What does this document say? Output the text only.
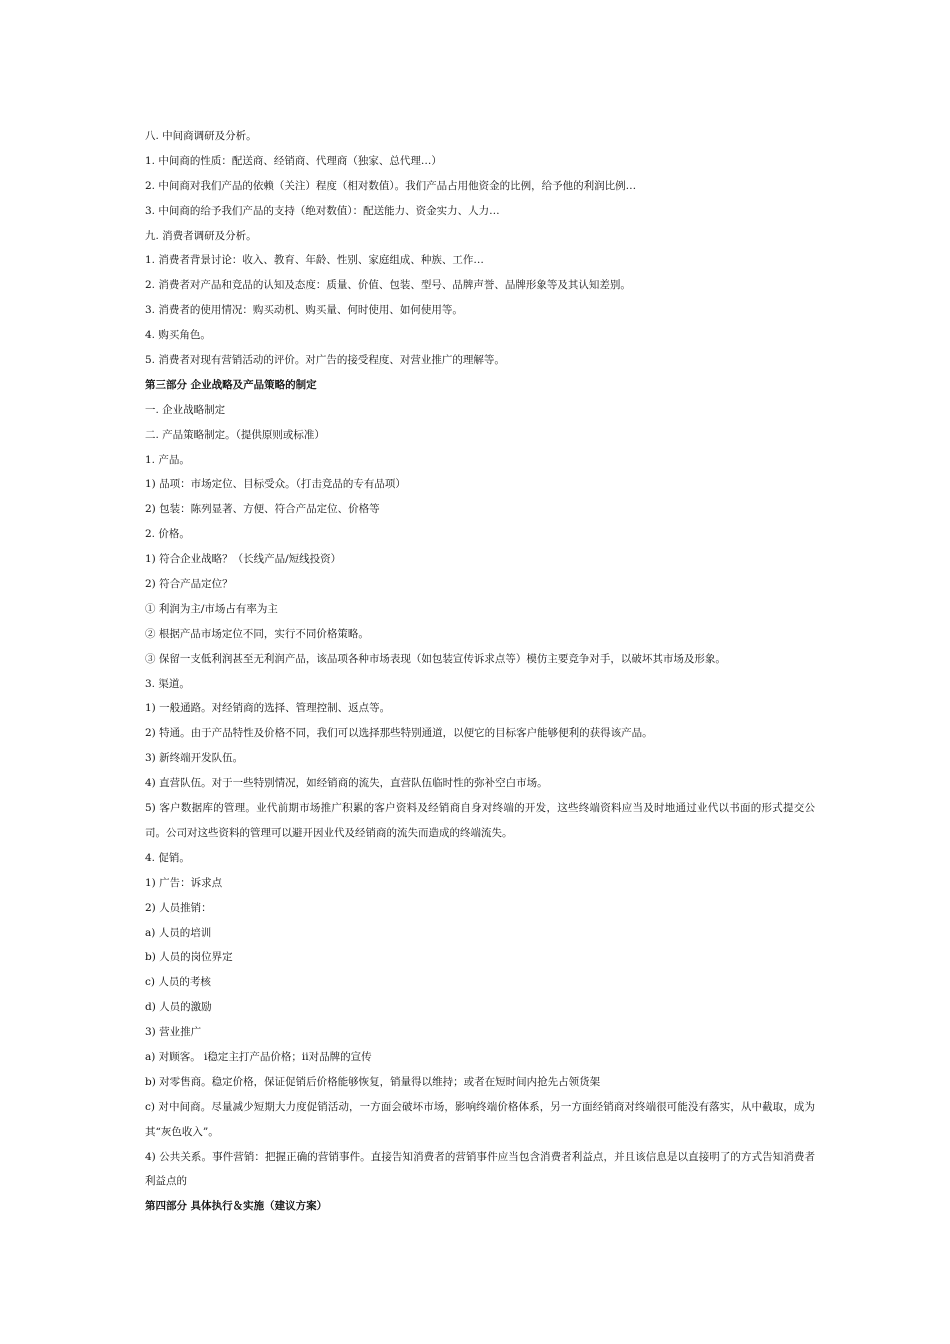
八. 中间商调研及分析。
1. 中间商的性质：配送商、经销商、代理商（独家、总代理…）
2. 中间商对我们产品的依赖（关注）程度（相对数值）。我们产品占用他资金的比例，给予他的利润比例…
3. 中间商的给予我们产品的支持（绝对数值）：配送能力、资金实力、人力…
九. 消费者调研及分析。
1. 消费者背景讨论：收入、教育、年龄、性别、家庭组成、种族、工作…
2. 消费者对产品和竞品的认知及态度：质量、价值、包装、型号、品牌声誉、品牌形象等及其认知差别。
3. 消费者的使用情况：购买动机、购买量、何时使用、如何使用等。
4. 购买角色。
5. 消费者对现有营销活动的评价。对广告的接受程度、对营业推广的理解等。
第三部分 企业战略及产品策略的制定
一. 企业战略制定
二. 产品策略制定。（提供原则或标准）
1. 产品。
1) 品项：市场定位、目标受众。（打击竞品的专有品项）
2) 包装：陈列显著、方便、符合产品定位、价格等
2. 价格。
1) 符合企业战略？（长线产品/短线投资）
2) 符合产品定位？
① 利润为主/市场占有率为主
② 根据产品市场定位不同，实行不同价格策略。
③ 保留一支低利润甚至无利润产品，该品项各种市场表现（如包装宣传诉求点等）模仿主要竞争对手，以破坏其市场及形象。
3. 渠道。
1) 一般通路。对经销商的选择、管理控制、返点等。
2) 特通。由于产品特性及价格不同，我们可以选择那些特别通道，以便它的目标客户能够便利的获得该产品。
3) 新终端开发队伍。
4) 直营队伍。对于一些特别情况，如经销商的流失，直营队伍临时性的弥补空白市场。
5) 客户数据库的管理。业代前期市场推广积累的客户资料及经销商自身对终端的开发，这些终端资料应当及时地通过业代以书面的形式提交公司。公司对这些资料的管理可以避开因业代及经销商的流失而造成的终端流失。
4. 促销。
1) 广告：诉求点
2) 人员推销：
a) 人员的培训
b) 人员的岗位界定
c) 人员的考核
d) 人员的激励
3) 营业推广
a) 对顾客。 ⅰ稳定主打产品价格；ⅱ对品牌的宣传
b) 对零售商。稳定价格，保证促销后价格能够恢复，销量得以维持；或者在短时间内抢先占领货架
c) 对中间商。尽量减少短期大力度促销活动，一方面会破坏市场，影响终端价格体系，另一方面经销商对终端很可能没有落实，从中截取，成为其“灰色收入”。
4) 公共关系。事件营销：把握正确的营销事件。直接告知消费者的营销事件应当包含消费者利益点，并且该信息是以直接明了的方式告知消费者利益点的
第四部分 具体执行＆实施（建议方案）
